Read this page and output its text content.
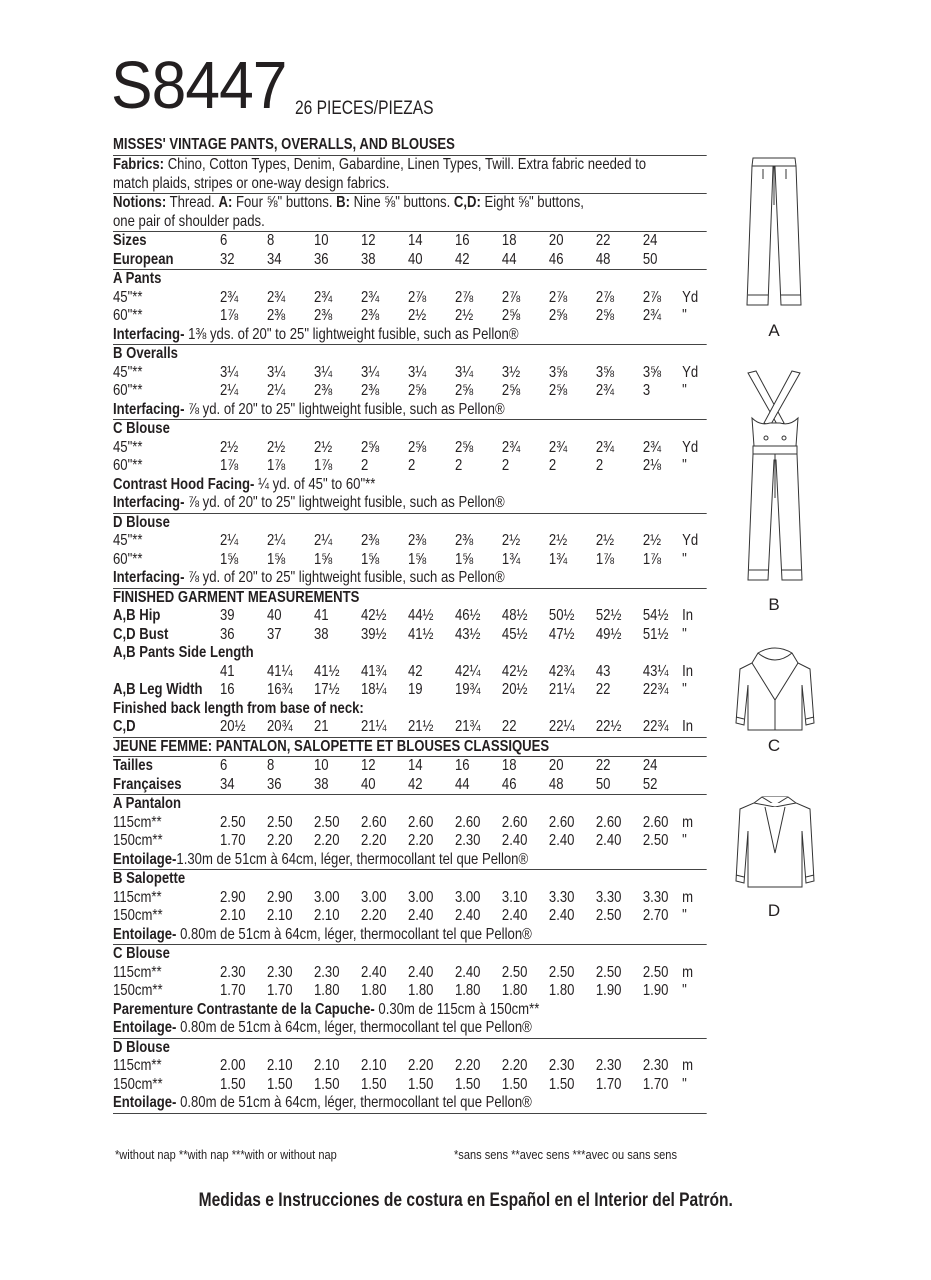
S8447 26 PIECES/PIEZAS
MISSES' VINTAGE PANTS, OVERALLS, AND BLOUSES
Fabrics: Chino, Cotton Types, Denim, Gabardine, Linen Types, Twill. Extra fabric needed to
match plaids, stripes or one-way design fabrics.
Notions: Thread. A: Four ⅝" buttons. B: Nine ⅝" buttons. C,D: Eight ⅝" buttons,
one pair of shoulder pads.
Sizes	6 8 10 12 14 16 18 20 22 24
European	32 34 36 38 40 42 44 46 48 50
A Pants
45"**	2¾ 2¾ 2¾ 2¾ 2⅞ 2⅞ 2⅞ 2⅞ 2⅞ 2⅞ Yd
60"**	1⅞ 2⅜ 2⅜ 2⅜ 2½ 2½ 2⅝ 2⅝ 2⅝ 2¾ "
Interfacing- 1⅜ yds. of 20" to 25" lightweight fusible, such as Pellon®
B Overalls
45"**	3¼ 3¼ 3¼ 3¼ 3¼ 3¼ 3½ 3⅝ 3⅝ 3⅝ Yd
60"**	2¼ 2¼ 2⅜ 2⅜ 2⅝ 2⅝ 2⅝ 2⅝ 2¾ 3 "
Interfacing- ⅞ yd. of 20" to 25" lightweight fusible, such as Pellon®
C Blouse
45"**	2½ 2½ 2½ 2⅝ 2⅝ 2⅝ 2¾ 2¾ 2¾ 2¾ Yd
60"**	1⅞ 1⅞ 1⅞ 2 2 2 2 2 2 2⅛ "
Contrast Hood Facing- ¼ yd. of 45" to 60"**
Interfacing- ⅞ yd. of 20" to 25" lightweight fusible, such as Pellon®
D Blouse
45"**	2¼ 2¼ 2¼ 2⅜ 2⅜ 2⅜ 2½ 2½ 2½ 2½ Yd
60"**	1⅝ 1⅝ 1⅝ 1⅝ 1⅝ 1⅝ 1¾ 1¾ 1⅞ 1⅞ "
Interfacing- ⅞ yd. of 20" to 25" lightweight fusible, such as Pellon®
FINISHED GARMENT MEASUREMENTS
A,B Hip	39 40 41 42½ 44½ 46½ 48½ 50½ 52½ 54½ In
C,D Bust	36 37 38 39½ 41½ 43½ 45½ 47½ 49½ 51½ "
A,B Pants Side Length
41 41¼ 41½ 41¾ 42 42¼ 42½ 42¾ 43 43¼ In
A,B Leg Width 16 16¾ 17½ 18¼ 19 19¾ 20½ 21¼ 22 22¾ "
Finished back length from base of neck:
C,D	20½ 20¾ 21 21¼ 21½ 21¾ 22 22¼ 22½ 22¾ In
JEUNE FEMME: PANTALON, SALOPETTE ET BLOUSES CLASSIQUES
Tailles	6 8 10 12 14 16 18 20 22 24
Françaises 34 36 38 40 42 44 46 48 50 52
A Pantalon
115cm**	2.50 2.50 2.50 2.60 2.60 2.60 2.60 2.60 2.60 2.60 m
150cm**	1.70 2.20 2.20 2.20 2.20 2.30 2.40 2.40 2.40 2.50 "
Entoilage-1.30m de 51cm à 64cm, léger, thermocollant tel que Pellon®
B Salopette
115cm**	2.90 2.90 3.00 3.00 3.00 3.00 3.10 3.30 3.30 3.30 m
150cm**	2.10 2.10 2.10 2.20 2.40 2.40 2.40 2.40 2.50 2.70 "
Entoilage- 0.80m de 51cm à 64cm, léger, thermocollant tel que Pellon®
C Blouse
115cm**	2.30 2.30 2.30 2.40 2.40 2.40 2.50 2.50 2.50 2.50 m
150cm**	1.70 1.70 1.80 1.80 1.80 1.80 1.80 1.80 1.90 1.90 "
Parementure Contrastante de la Capuche- 0.30m de 115cm à 150cm**
Entoilage- 0.80m de 51cm à 64cm, léger, thermocollant tel que Pellon®
D Blouse
115cm**	2.00 2.10 2.10 2.10 2.20 2.20 2.20 2.30 2.30 2.30 m
150cm**	1.50 1.50 1.50 1.50 1.50 1.50 1.50 1.50 1.70 1.70 "
Entoilage- 0.80m de 51cm à 64cm, léger, thermocollant tel que Pellon®
*without nap **with nap ***with or without nap	*sans sens **avec sens ***avec ou sans sens
Medidas e Instrucciones de costura en Español en el Interior del Patrón.
A
B
C
D
